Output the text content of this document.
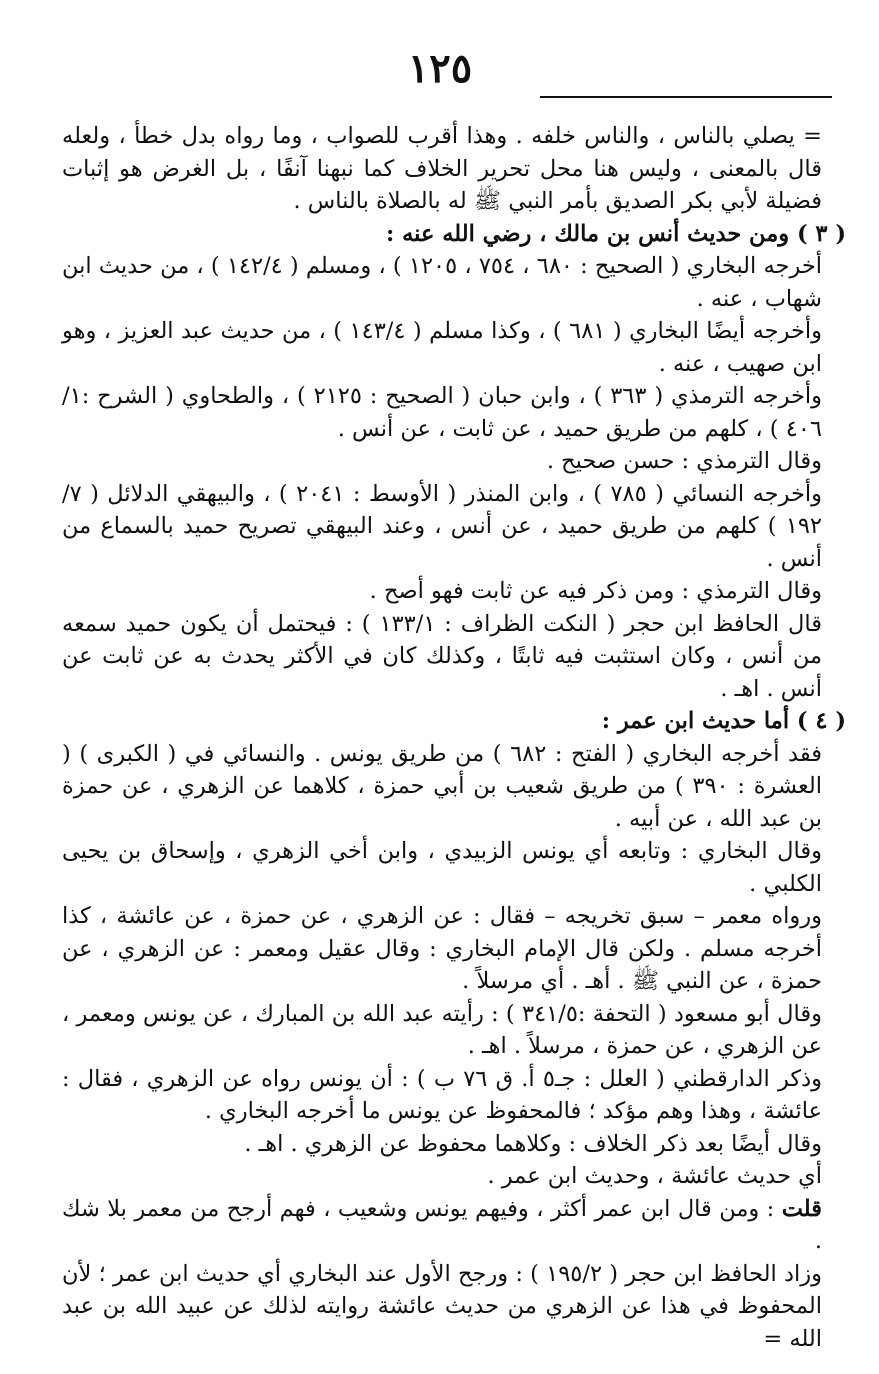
١٢٥

= يصلي بالناس ، والناس خلفه . وهذا أقرب للصواب ، وما رواه بدل خطأ ، ولعله قال بالمعنى ، وليس هنا محل تحرير الخلاف كما نبهنا آنفًا ، بل الغرض هو إثبات فضيلة لأبي بكر الصديق بأمر النبي ﷺ له بالصلاة بالناس .

( ٣ ) ومن حديث أنس بن مالك ، رضي الله عنه :

أخرجه البخاري ( الصحيح : ٦٨٠ ، ٧٥٤ ، ١٢٠٥ ) ، ومسلم ( ١٤٢/٤ ) ، من حديث ابن شهاب ، عنه .

وأخرجه أيضًا البخاري ( ٦٨١ ) ، وكذا مسلم ( ١٤٣/٤ ) ، من حديث عبد العزيز ، وهو ابن صهيب ، عنه .

وأخرجه الترمذي ( ٣٦٣ ) ، وابن حبان ( الصحيح : ٢١٢٥ ) ، والطحاوي ( الشرح :١/ ٤٠٦ ) ، كلهم من طريق حميد ، عن ثابت ، عن أنس .

وقال الترمذي : حسن صحيح .

وأخرجه النسائي ( ٧٨٥ ) ، وابن المنذر ( الأوسط : ٢٠٤١ ) ، والبيهقي الدلائل ( ٧/ ١٩٢ ) كلهم من طريق حميد ، عن أنس ، وعند البيهقي تصريح حميد بالسماع من أنس .

وقال الترمذي : ومن ذكر فيه عن ثابت فهو أصح .

قال الحافظ ابن حجر ( النكت الظراف : ١٣٣/١ ) : فيحتمل أن يكون حميد سمعه من أنس ، وكان استثبت فيه ثابتًا ، وكذلك كان في الأكثر يحدث به عن ثابت عن أنس . اهـ .

( ٤ ) أما حديث ابن عمر :

فقد أخرجه البخاري ( الفتح : ٦٨٢ ) من طريق يونس . والنسائي في ( الكبرى ) ( العشرة : ٣٩٠ ) من طريق شعيب بن أبي حمزة ، كلاهما عن الزهري ، عن حمزة بن عبد الله ، عن أبيه .

وقال البخاري : وتابعه أي يونس الزبيدي ، وابن أخي الزهري ، وإسحاق بن يحيى الكلبي .

ورواه معمر – سبق تخريجه – فقال : عن الزهري ، عن حمزة ، عن عائشة ، كذا أخرجه مسلم . ولكن قال الإمام البخاري : وقال عقيل ومعمر : عن الزهري ، عن حمزة ، عن النبي ﷺ . أهـ . أي مرسلاً .

وقال أبو مسعود ( التحفة :٣٤١/٥ ) : رأيته عبد الله بن المبارك ، عن يونس ومعمر ، عن الزهري ، عن حمزة ، مرسلاً . اهـ .

وذكر الدارقطني ( العلل : جـ٥ أ. ق ٧٦ ب ) : أن يونس رواه عن الزهري ، فقال : عائشة ، وهذا وهم مؤكد ؛ فالمحفوظ عن يونس ما أخرجه البخاري .

وقال أيضًا بعد ذكر الخلاف : وكلاهما محفوظ عن الزهري . اهـ .

أي حديث عائشة ، وحديث ابن عمر .

قلت : ومن قال ابن عمر أكثر ، وفيهم يونس وشعيب ، فهم أرجح من معمر بلا شك .

وزاد الحافظ ابن حجر ( ١٩٥/٢ ) : ورجح الأول عند البخاري أي حديث ابن عمر ؛ لأن المحفوظ في هذا عن الزهري من حديث عائشة روايته لذلك عن عبيد الله بن عبد الله =
